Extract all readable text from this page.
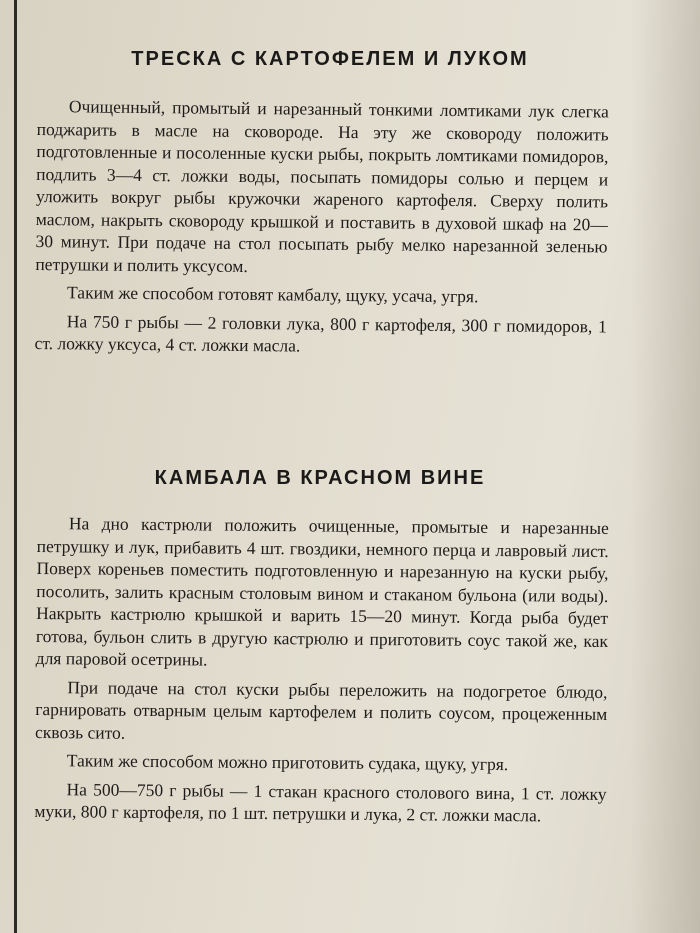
ТРЕСКА С КАРТОФЕЛЕМ И ЛУКОМ

Очищенный, промытый и нарезанный тонкими ломтиками лук слегка поджарить в масле на сковороде. На эту же сковороду положить подготовленные и посоленные куски рыбы, покрыть ломтиками помидоров, подлить 3—4 ст. ложки воды, посыпать помидоры солью и перцем и уложить вокруг рыбы кружочки жареного картофеля. Сверху полить маслом, накрыть сковороду крышкой и поставить в духовой шкаф на 20—30 минут. При подаче на стол посыпать рыбу мелко нарезанной зеленью петрушки и полить уксусом.

Таким же способом готовят камбалу, щуку, усача, угря.

На 750 г рыбы — 2 головки лука, 800 г картофеля, 300 г помидоров, 1 ст. ложку уксуса, 4 ст. ложки масла.

КАМБАЛА В КРАСНОМ ВИНЕ

На дно кастрюли положить очищенные, промытые и нарезанные петрушку и лук, прибавить 4 шт. гвоздики, немного перца и лавровый лист. Поверх кореньев поместить подготовленную и нарезанную на куски рыбу, посолить, залить красным столовым вином и стаканом бульона (или воды). Накрыть кастрюлю крышкой и варить 15—20 минут. Когда рыба будет готова, бульон слить в другую кастрюлю и приготовить соус такой же, как для паровой осетрины.

При подаче на стол куски рыбы переложить на подогретое блюдо, гарнировать отварным целым картофелем и полить соусом, процеженным сквозь сито.

Таким же способом можно приготовить судака, щуку, угря.

На 500—750 г рыбы — 1 стакан красного столового вина, 1 ст. ложку муки, 800 г картофеля, по 1 шт. петрушки и лука, 2 ст. ложки масла.
